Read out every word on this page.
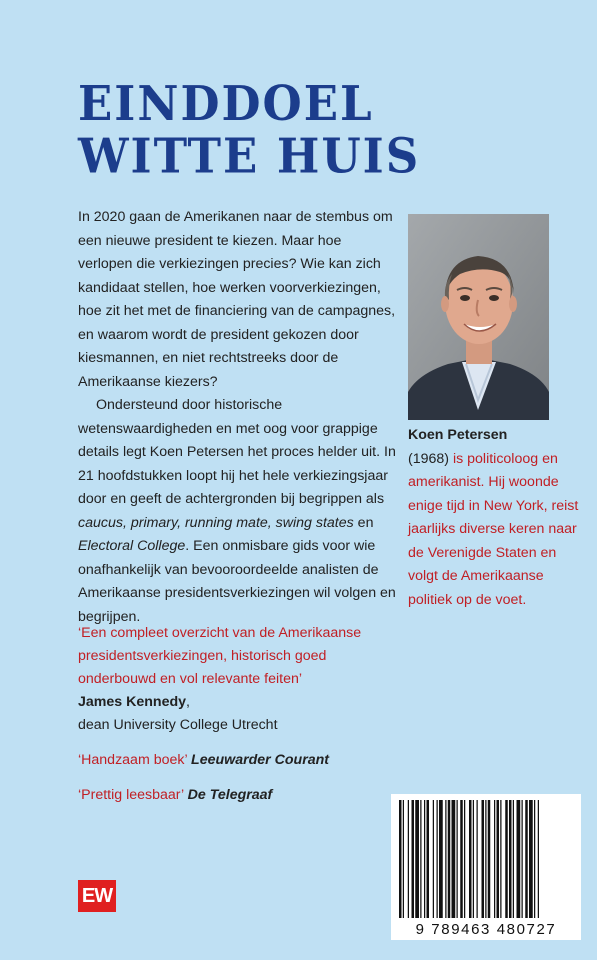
EINDDOEL
WITTE HUIS

In 2020 gaan de Amerikanen naar de stembus om een nieuwe president te kiezen. Maar hoe verlopen die verkiezingen precies? Wie kan zich kandidaat stellen, hoe werken voorverkiezingen, hoe zit het met de financiering van de campagnes, en waarom wordt de president gekozen door kiesmannen, en niet rechtstreeks door de Amerikaanse kiezers?

Ondersteund door historische wetenswaardigheden en met oog voor grappige details legt Koen Petersen het proces helder uit. In 21 hoofdstukken loopt hij het hele verkiezingsjaar door en geeft de achtergronden bij begrippen als caucus, primary, running mate, swing states en Electoral College. Een onmisbare gids voor wie onafhankelijk van bevooroordeelde analisten de Amerikaanse presidentsverkiezingen wil volgen en begrijpen.

Koen Petersen
(1968) is politicoloog en amerikanist. Hij woonde enige tijd in New York, reist jaarlijks diverse keren naar de Verenigde Staten en volgt de Amerikaanse politiek op de voet.
‘Een compleet overzicht van de Amerikaanse presidentsverkiezingen, historisch goed onderbouwd en vol relevante feiten’
James Kennedy,
dean University College Utrecht
‘Handzaam boek’ Leeuwarder Courant
‘Prettig leesbaar’ De Telegraaf
EW
9 789463 480727
